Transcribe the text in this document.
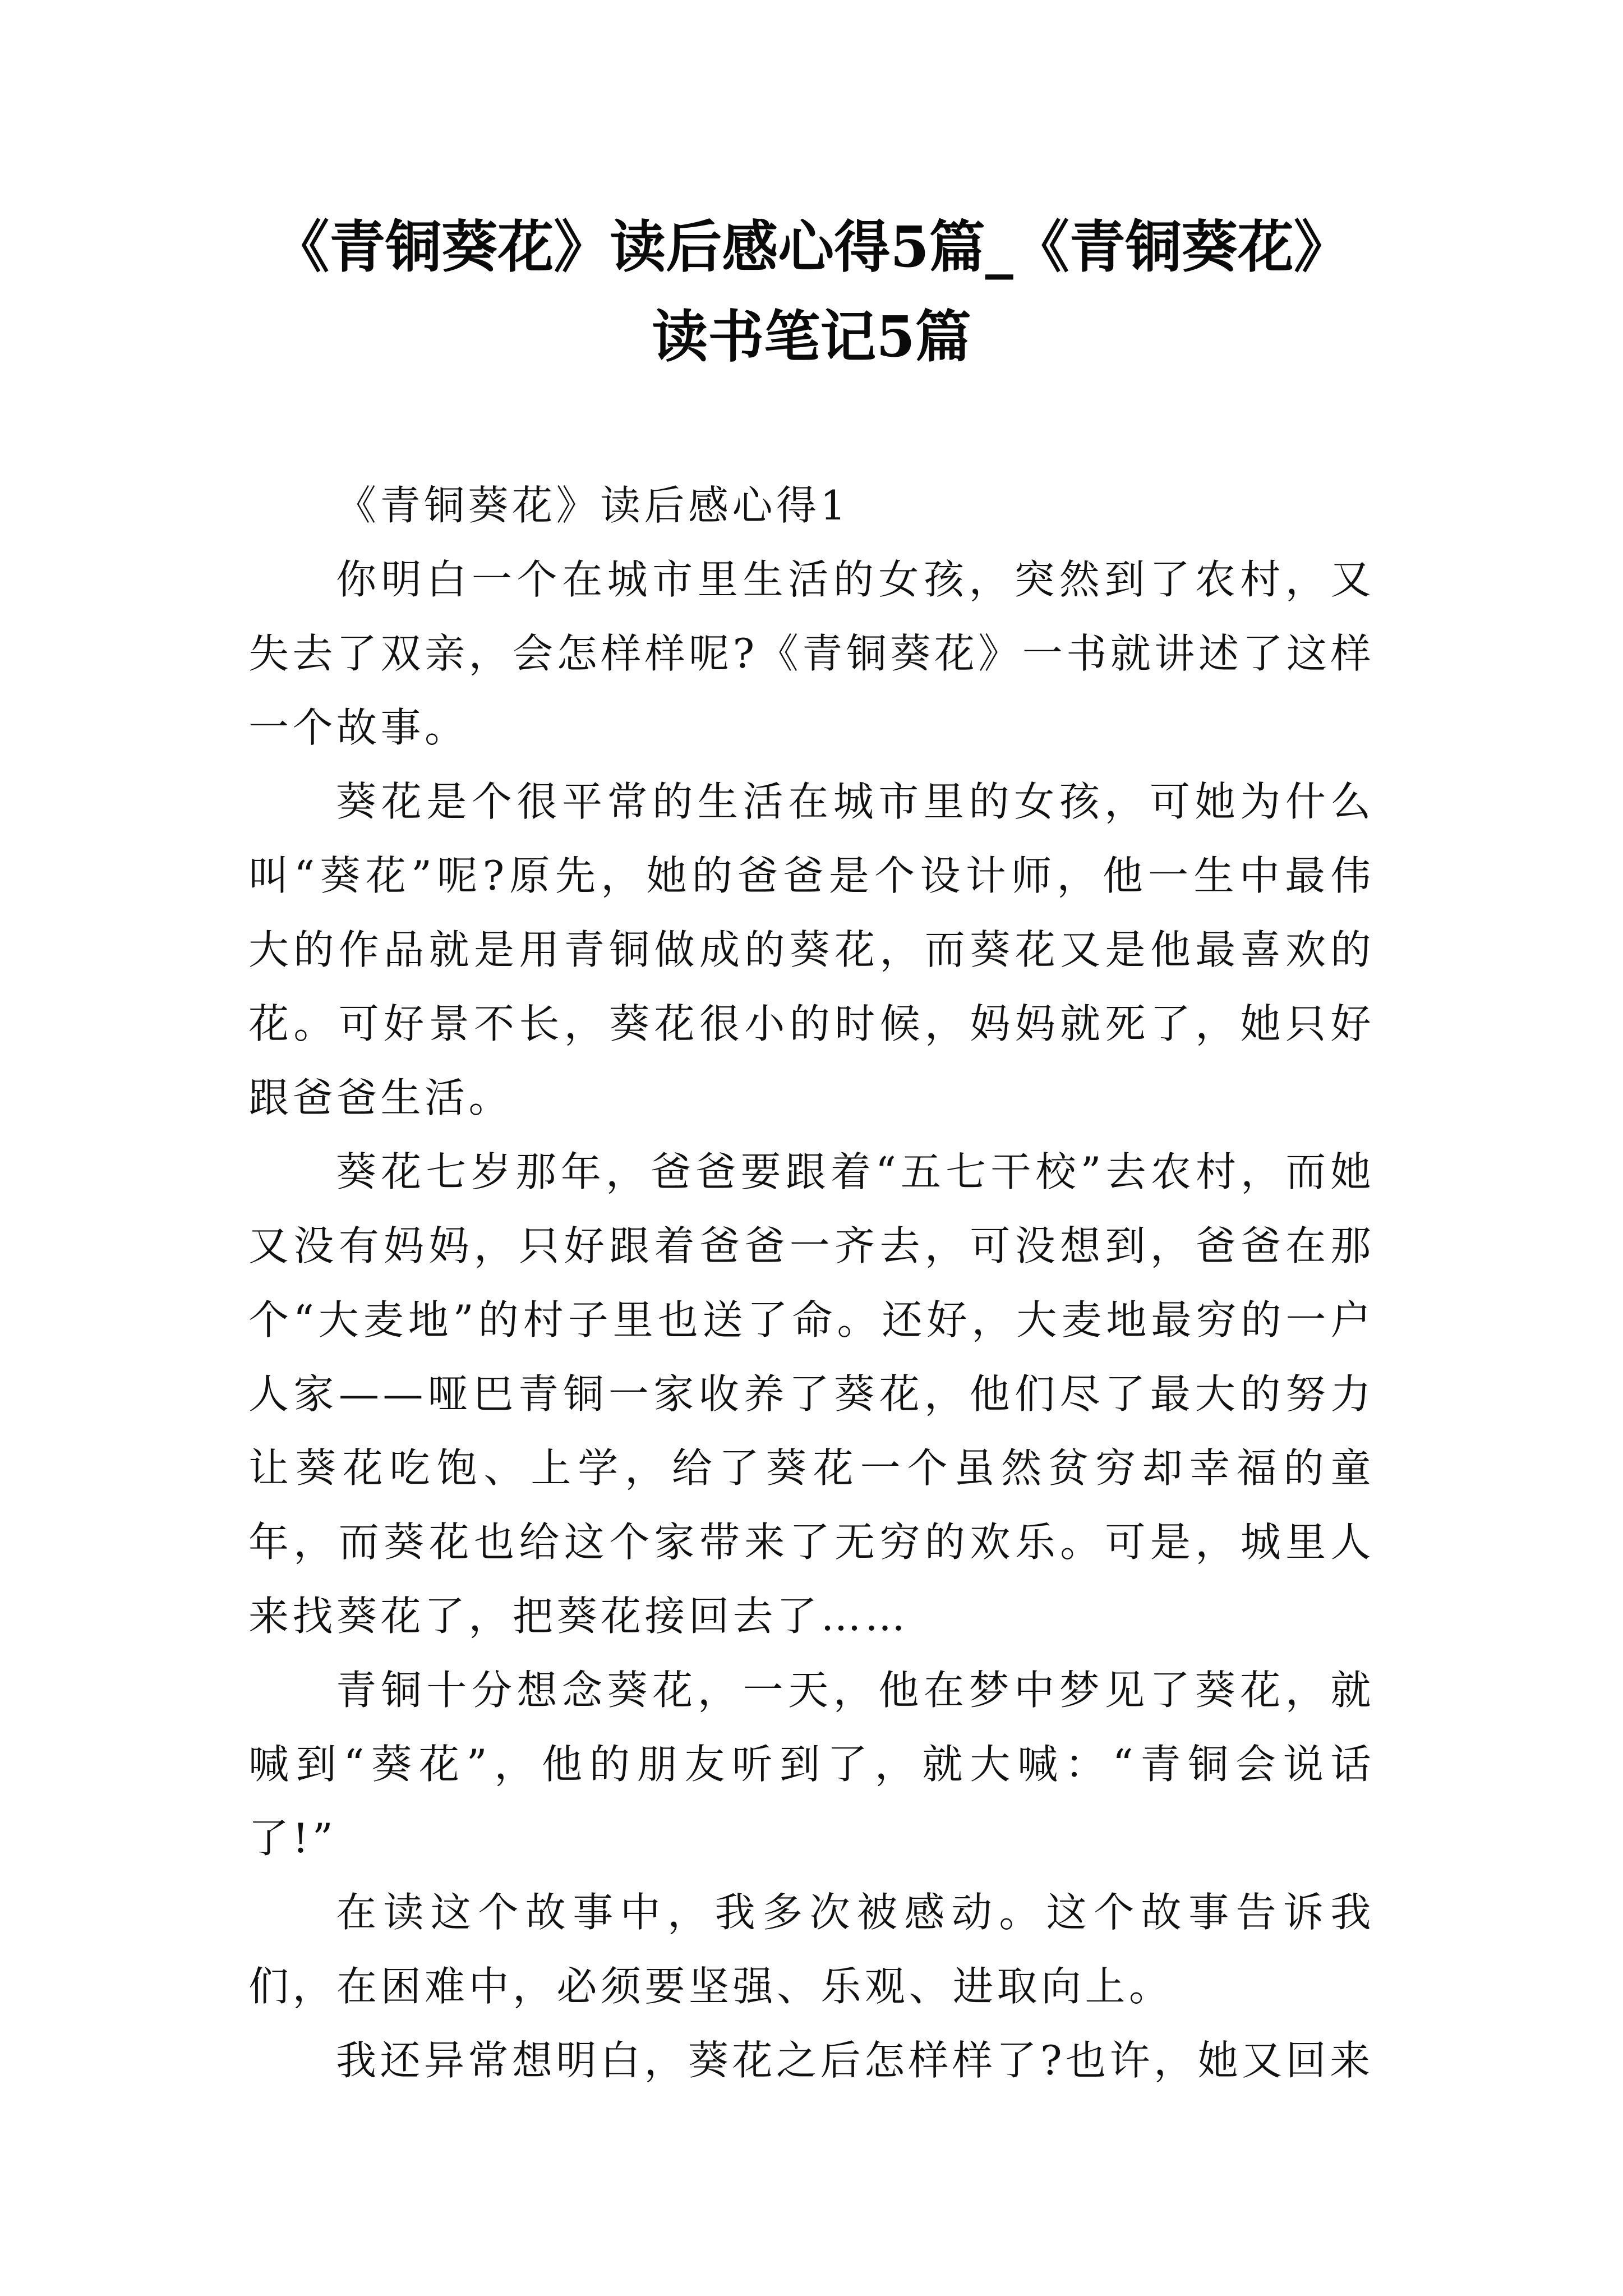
《青铜葵花》读后感心得5篇_《青铜葵花》
读书笔记5篇

《青铜葵花》读后感心得1

你明白一个在城市里生活的女孩，突然到了农村，又失去了双亲，会怎样样呢?《青铜葵花》一书就讲述了这样一个故事。

葵花是个很平常的生活在城市里的女孩，可她为什么叫“葵花”呢?原先，她的爸爸是个设计师，他一生中最伟大的作品就是用青铜做成的葵花，而葵花又是他最喜欢的花。可好景不长，葵花很小的时候，妈妈就死了，她只好跟爸爸生活。

葵花七岁那年，爸爸要跟着“五七干校”去农村，而她又没有妈妈，只好跟着爸爸一齐去，可没想到，爸爸在那个“大麦地”的村子里也送了命。还好，大麦地最穷的一户人家——哑巴青铜一家收养了葵花，他们尽了最大的努力让葵花吃饱、上学，给了葵花一个虽然贫穷却幸福的童年，而葵花也给这个家带来了无穷的欢乐。可是，城里人来找葵花了，把葵花接回去了……

青铜十分想念葵花，一天，他在梦中梦见了葵花，就喊到“葵花”，他的朋友听到了，就大喊：“青铜会说话了!”

在读这个故事中，我多次被感动。这个故事告诉我们，在困难中，必须要坚强、乐观、进取向上。

我还异常想明白，葵花之后怎样样了?也许，她又回来
